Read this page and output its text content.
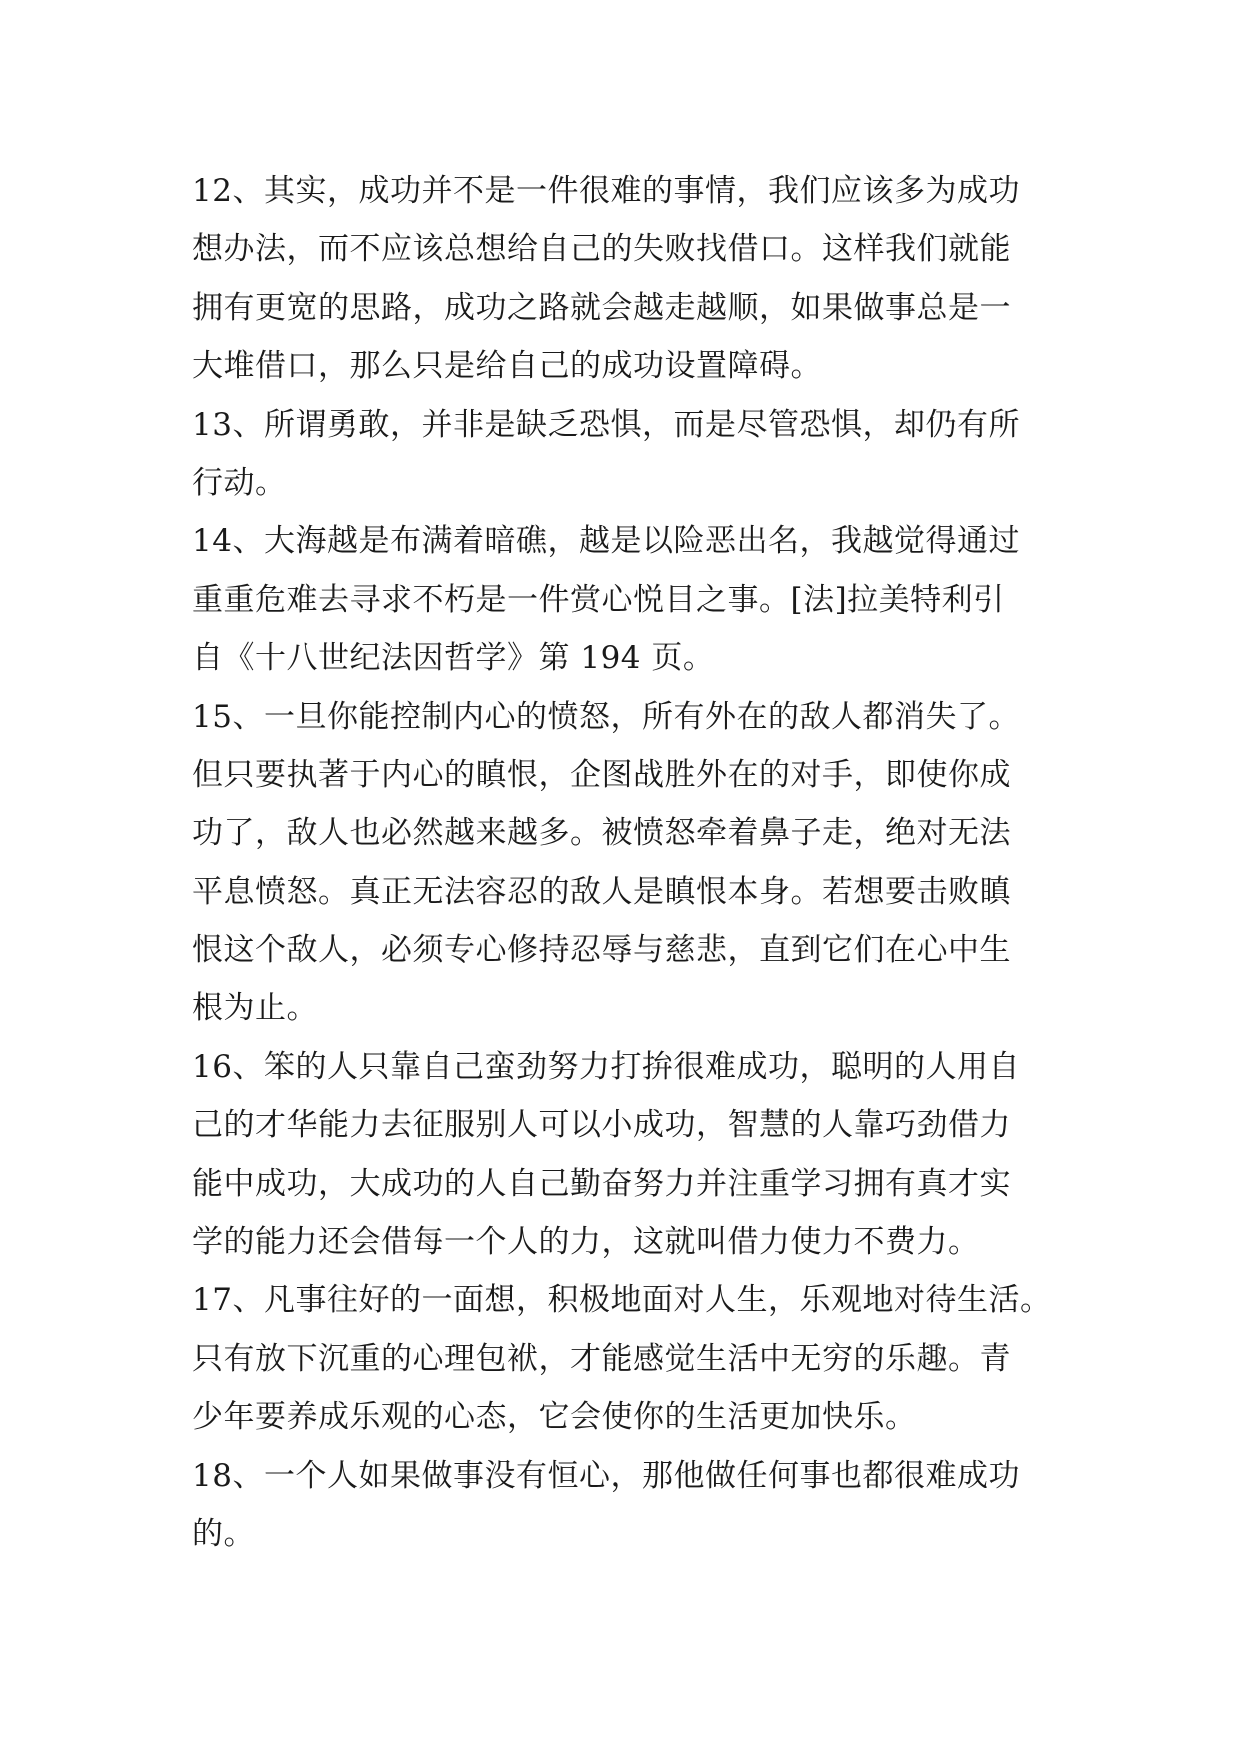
12、其实，成功并不是一件很难的事情，我们应该多为成功
想办法，而不应该总想给自己的失败找借口。这样我们就能
拥有更宽的思路，成功之路就会越走越顺，如果做事总是一
大堆借口，那么只是给自己的成功设置障碍。
13、所谓勇敢，并非是缺乏恐惧，而是尽管恐惧，却仍有所
行动。
14、大海越是布满着暗礁，越是以险恶出名，我越觉得通过
重重危难去寻求不朽是一件赏心悦目之事。[法]拉美特利引
自《十八世纪法因哲学》第 194 页。
15、一旦你能控制内心的愤怒，所有外在的敌人都消失了。
但只要执著于内心的瞋恨，企图战胜外在的对手，即使你成
功了，敌人也必然越来越多。被愤怒牵着鼻子走，绝对无法
平息愤怒。真正无法容忍的敌人是瞋恨本身。若想要击败瞋
恨这个敌人，必须专心修持忍辱与慈悲，直到它们在心中生
根为止。
16、笨的人只靠自己蛮劲努力打拚很难成功，聪明的人用自
己的才华能力去征服别人可以小成功，智慧的人靠巧劲借力
能中成功，大成功的人自己勤奋努力并注重学习拥有真才实
学的能力还会借每一个人的力，这就叫借力使力不费力。
17、凡事往好的一面想，积极地面对人生，乐观地对待生活。
只有放下沉重的心理包袱，才能感觉生活中无穷的乐趣。青
少年要养成乐观的心态，它会使你的生活更加快乐。
18、一个人如果做事没有恒心，那他做任何事也都很难成功
的。
